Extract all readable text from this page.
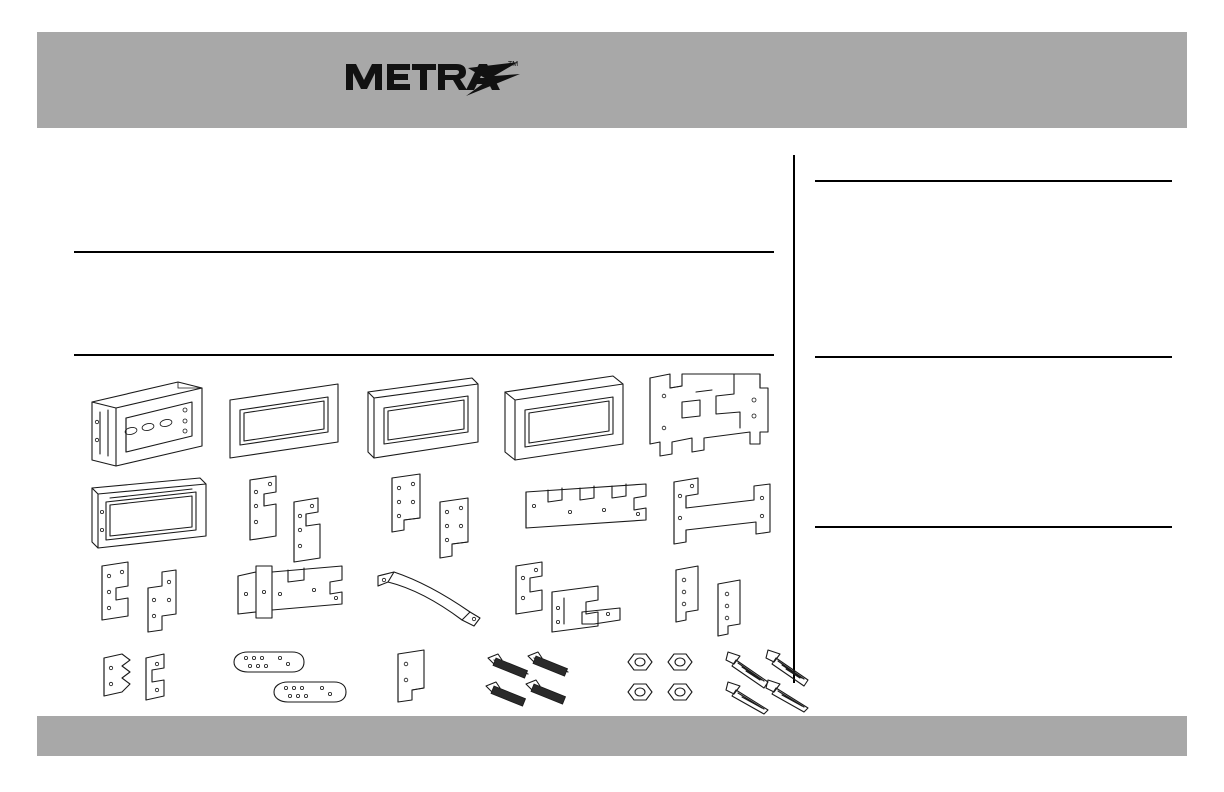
TM
